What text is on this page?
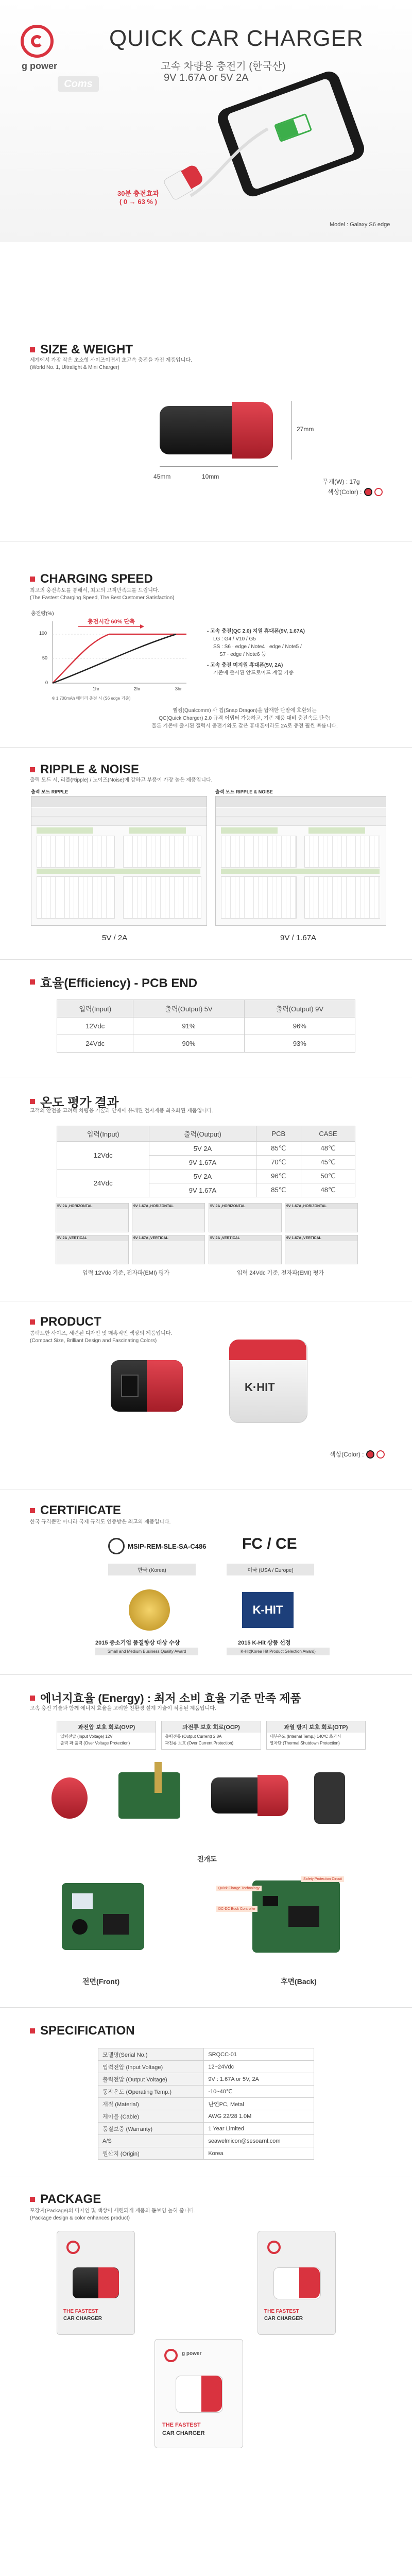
g power
Coms
QUICK CAR CHARGER
고속 차량용 충전기 (한국산)
9V 1.67A or 5V 2A
30분 충전효과
( 0 → 63 % )
Model : Galaxy S6 edge
SIZE & WEIGHT
세계에서 가장 작은 초소형 사이즈이면서 초고속 충전을 가진 제품입니다.
(World No. 1, Ultralight & Mini Charger)
27mm
45mm	10mm
무게(W) : 17g
색상(Color) :
CHARGING SPEED
최고의 충전속도를 통해서, 최고의 고객만족도를 드립니다.
(The Fastest Charging Speed, The Best Customer Satisfaction)
충전량(%)
100
50
0
1hr	2hr	3hr
충전시간 60% 단축
※ 1,700mAh 배터리 충전 시 (S6 edge 기준)
- 고속 충전(QC 2.0) 지원 휴대폰(9V, 1.67A)
LG : G4 / V10 / G5
SS : S6 · edge / Note4 · edge / Note5 /
S7 · edge / Note6 등
- 고속 충전 미지원 휴대폰(5V, 2A)
기존에 출시된 안드로이드 계열 기종
퀄컴(Qualcomm) 사 칩(Snap Dragon)을 탑재한 단말에 호환되는
QC(Quick Charger) 2.0 규격 어댑터 가능하고, 기존 제품 대비 충전속도 단축!
물론 기존에 출시된 갤럭시 충전기와도 같은 휴대폰이라도 2A로 충전 훨씬 빠릅니다.
RIPPLE & NOISE
출력 모드 시, 리플(Ripple) / 노이즈(Noise)에 강하고 부품이 가장 높은 제품입니다.
출력 모드 RIPPLE	출력 모드 RIPPLE & NOISE
5V / 2A	9V / 1.67A
효율(Efficiency) - PCB END
입력(Input)	출력(Output) 5V	출력(Output) 9V
12Vdc	91%	96%
24Vdc	90%	93%
온도 평가 결과
고객의 안전을 고려해 차량용 기술과 안제에 유래된 전자제품 최초화된 제품입니다.
입력(Input)	출력(Output)	PCB	CASE
12Vdc	5V 2A	85℃	48℃
	9V 1.67A	70℃	45℃
24Vdc	5V 2A	96℃	50℃
	9V 1.67A	85℃	48℃
5V 2A ,HORIZONTAL	9V 1.67A ,HORIZONTAL
5V 2A ,VERTICAL	9V 1.67A ,VERTICAL
5V 2A ,HORIZONTAL	9V 1.67A ,HORIZONTAL
5V 2A ,VERTICAL	9V 1.67A ,VERTICAL
입력 12Vdc 기준, 전자파(EMI) 평가	입력 24Vdc 기준, 전자파(EMI) 평가
PRODUCT
콤팩트한 사이즈, 세련된 디자인 및 매혹적인 색상의 제품입니다.
(Compact Size, Brilliant Design and Fascinating Colors)
K·HIT
색상(Color) :
CERTIFICATE
한국 규격뿐만 아니라 국제 규격도 인증받은 최고의 제품입니다.
MSIP-REM-SLE-SA-C486
한국 (Korea)
FC / CE
미국 (USA / Europe)
2015 중소기업 품질향상 대상 수상
Small and Medium Business Quality Award
K-HIT
2015 K-Hit 상품 선정
K-Hit(Korea Hit Product Selection Award)
에너지효율 (Energy) : 최저 소비 효율 기준 만족 제품
고속 충전 기술과 함께 에너지 효율을 고려한 친환경 설계 기술이 적용된 제품입니다.
과전압 보호 회로(OVP)
입력전압 (Input Voltage) 12V
출력 과 출력 (Over Voltage Protection)
과전류 보호 회로(OCP)
출력전류 (Output Current) 2.8A
과전류 보호 (Over Current Protection)
과열 방지 보호 회로(OTP)
내부온도 (Internal Temp.) 140ºC 초과시
열차단 (Thermal Shutdown Protection)
전개도
Quick Charge Technology
DC-DC Buck Controller
Safety Protection Circuit
전면(Front)	후면(Back)
SPECIFICATION
모델명(Serial No.)	SRQCC-01
입력전압 (Input Voltage)	12~24Vdc
출력전압 (Output Voltage)	9V : 1.67A or 5V, 2A
동작온도 (Operating Temp.)	-10~40℃
재질 (Material)	난연PC, Metal
케이블 (Cable)	AWG 22/28 1.0M
품질보증 (Warranty)	1 Year Limited
A/S	seawelmicon@sesoarnl.com
원산지 (Origin)	Korea
PACKAGE
포장지(Package)의 디자인 및 색상이 세련되게 제품의 돋보임 높히 줍니다.
(Package design & color enhances product)
THE FASTEST
CAR CHARGER
THE FASTEST
CAR CHARGER
g power
THE FASTEST
CAR CHARGER
